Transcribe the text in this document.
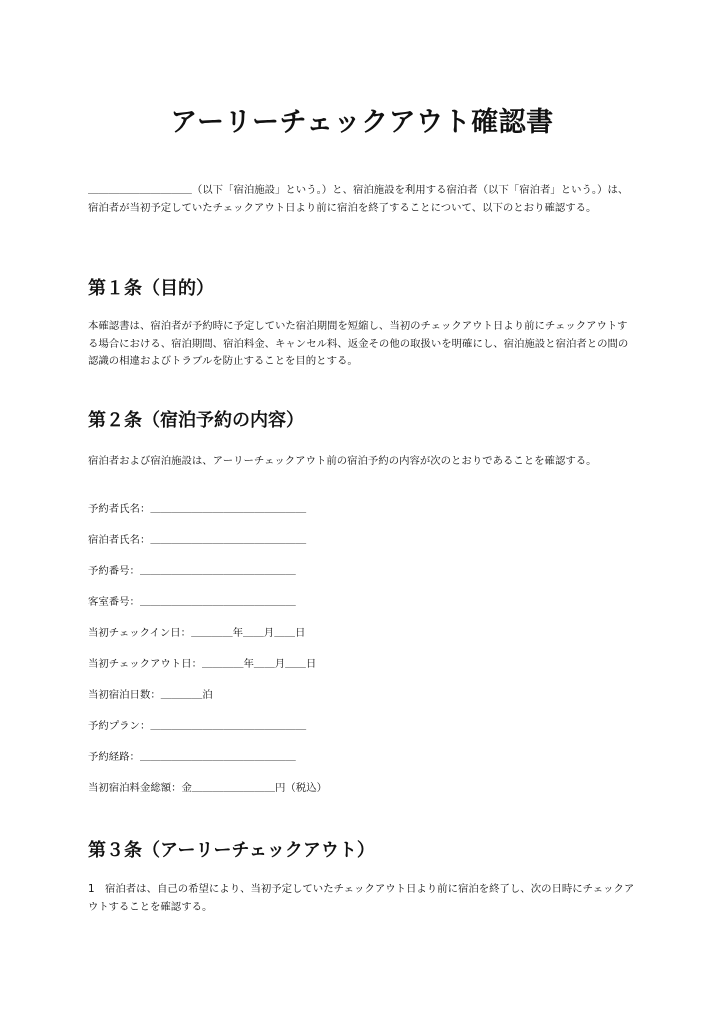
アーリーチェックアウト確認書
＿＿＿＿＿＿＿＿＿＿（以下「宿泊施設」という。）と、宿泊施設を利用する宿泊者（以下「宿泊者」という。）は、宿泊者が当初予定していたチェックアウト日より前に宿泊を終了することについて、以下のとおり確認する。
第１条（目的）
本確認書は、宿泊者が予約時に予定していた宿泊期間を短縮し、当初のチェックアウト日より前にチェックアウトする場合における、宿泊期間、宿泊料金、キャンセル料、返金その他の取扱いを明確にし、宿泊施設と宿泊者との間の認識の相違およびトラブルを防止することを目的とする。
第２条（宿泊予約の内容）
宿泊者および宿泊施設は、アーリーチェックアウト前の宿泊予約の内容が次のとおりであることを確認する。
予約者氏名：＿＿＿＿＿＿＿＿＿＿＿＿＿＿＿
宿泊者氏名：＿＿＿＿＿＿＿＿＿＿＿＿＿＿＿
予約番号：＿＿＿＿＿＿＿＿＿＿＿＿＿＿＿
客室番号：＿＿＿＿＿＿＿＿＿＿＿＿＿＿＿
当初チェックイン日：＿＿＿＿年＿＿月＿＿日
当初チェックアウト日：＿＿＿＿年＿＿月＿＿日
当初宿泊日数：＿＿＿＿泊
予約プラン：＿＿＿＿＿＿＿＿＿＿＿＿＿＿＿
予約経路：＿＿＿＿＿＿＿＿＿＿＿＿＿＿＿
当初宿泊料金総額：金＿＿＿＿＿＿＿＿円（税込）
第３条（アーリーチェックアウト）
1　宿泊者は、自己の希望により、当初予定していたチェックアウト日より前に宿泊を終了し、次の日時にチェックアウトすることを確認する。
